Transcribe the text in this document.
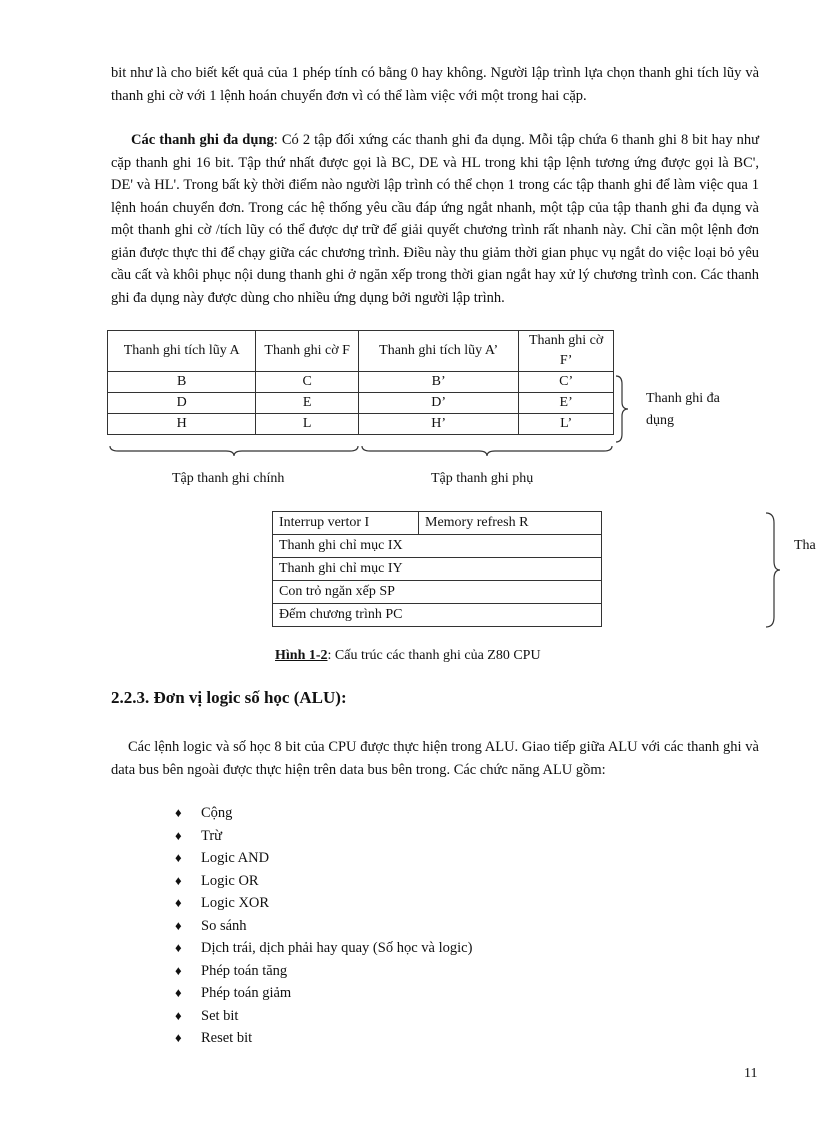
bit như là cho biết kết quả của 1 phép tính có bằng 0 hay không. Người lập trình lựa chọn thanh ghi tích lũy và thanh ghi cờ với 1 lệnh hoán chuyển đơn vì có thể làm việc với một trong hai cặp.

Các thanh ghi đa dụng: Có 2 tập đối xứng các thanh ghi đa dụng. Mỗi tập chứa 6 thanh ghi 8 bit hay như cặp thanh ghi 16 bit. Tập thứ nhất được gọi là BC, DE và HL trong khi tập lệnh tương ứng được gọi là BC', DE' và HL'. Trong bất kỳ thời điểm nào người lập trình có thể chọn 1 trong các tập thanh ghi để làm việc qua 1 lệnh hoán chuyển đơn. Trong các hệ thống yêu cầu đáp ứng ngắt nhanh, một tập của tập thanh ghi đa dụng và một thanh ghi cờ /tích lũy có thể được dự trữ để giải quyết chương trình rất nhanh này. Chỉ cần một lệnh đơn giản được thực thi để chạy giữa các chương trình. Điều này thu giảm thời gian phục vụ ngắt do việc loại bỏ yêu cầu cất và khôi phục nội dung thanh ghi ở ngăn xếp trong thời gian ngắt hay xử lý chương trình con. Các thanh ghi đa dụng này được dùng cho nhiều ứng dụng bởi người lập trình.

Thanh ghi tích lũy A	Thanh ghi cờ F	Thanh ghi tích lũy A’	Thanh ghi cờ F’
B	C	B’	C’
D	E	D’	E’
H	L	H’	L’

Thanh ghi đa dụng

Tập thanh ghi chính	Tập thanh ghi phụ

Interrup vertor I	Memory refresh R
Thanh ghi chỉ mục IX
Thanh ghi chỉ mục IY
Con trỏ ngăn xếp SP
Đếm chương trình PC

Tha

Hình 1-2: Cấu trúc các thanh ghi của Z80 CPU

2.2.3. Đơn vị logic số học (ALU):

Các lệnh logic và số học 8 bit của CPU được thực hiện trong ALU. Giao tiếp giữa ALU với các thanh ghi và data bus bên ngoài được thực hiện trên data bus bên trong. Các chức năng ALU gồm:

♦ Cộng
♦ Trừ
♦ Logic AND
♦ Logic OR
♦ Logic XOR
♦ So sánh
♦ Dịch trái, dịch phải hay quay (Số học và logic)
♦ Phép toán tăng
♦ Phép toán giảm
♦ Set bit
♦ Reset bit

11
